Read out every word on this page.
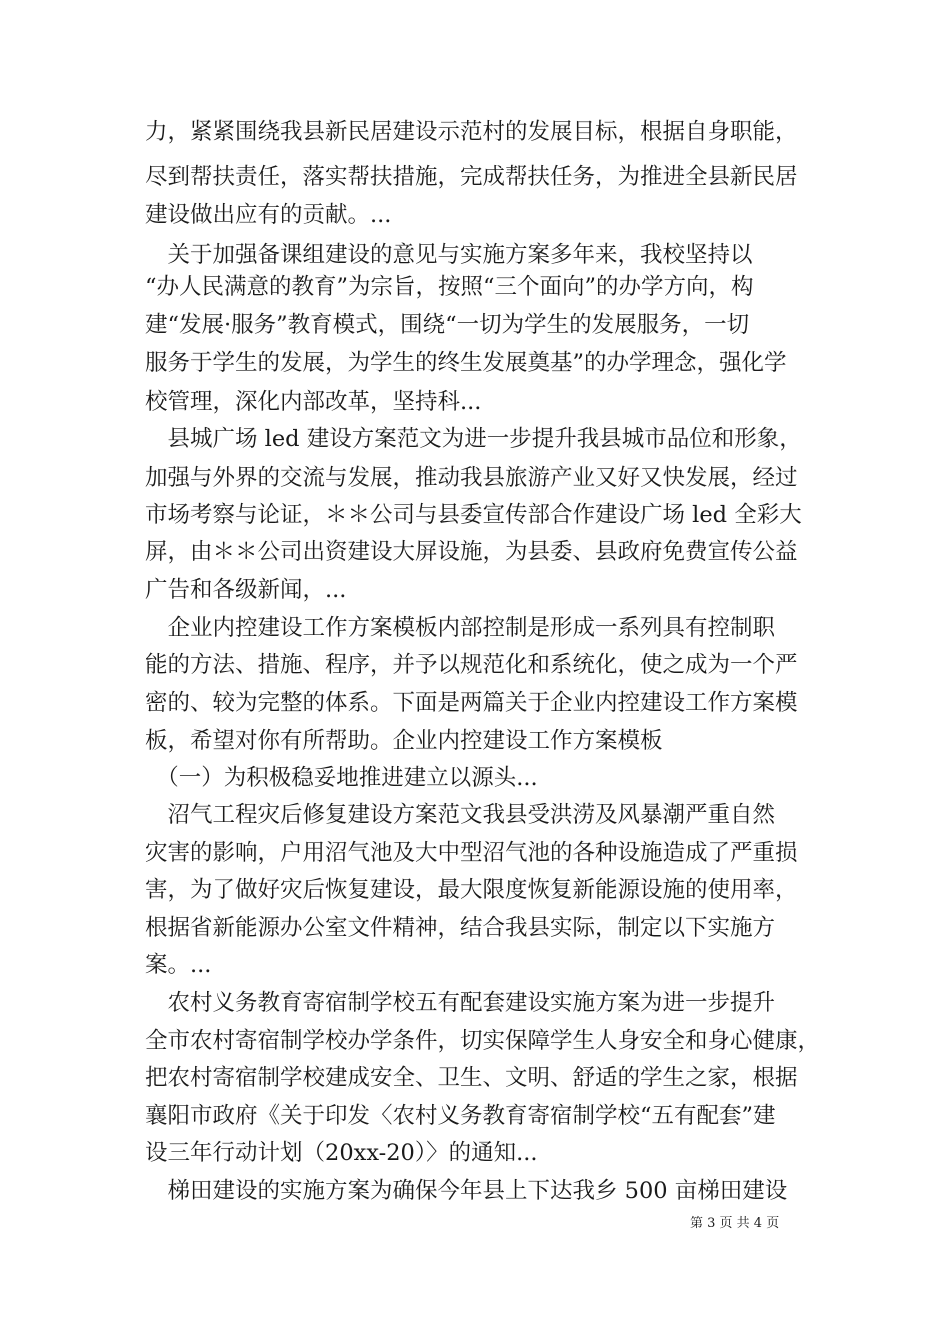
力，紧紧围绕我县新民居建设示范村的发展目标，根据自身职能，
尽到帮扶责任，落实帮扶措施，完成帮扶任务，为推进全县新民居
建设做出应有的贡献。...
　关于加强备课组建设的意见与实施方案多年来，我校坚持以
“办人民满意的教育”为宗旨，按照“三个面向”的办学方向，构
建“发展·服务”教育模式，围绕“一切为学生的发展服务，一切
服务于学生的发展，为学生的终生发展奠基”的办学理念，强化学
校管理，深化内部改革，坚持科...
　县城广场 led 建设方案范文为进一步提升我县城市品位和形象，
加强与外界的交流与发展，推动我县旅游产业又好又快发展，经过
市场考察与论证，＊＊公司与县委宣传部合作建设广场 led 全彩大
屏，由＊＊公司出资建设大屏设施，为县委、县政府免费宣传公益
广告和各级新闻，...
　企业内控建设工作方案模板内部控制是形成一系列具有控制职
能的方法、措施、程序，并予以规范化和系统化，使之成为一个严
密的、较为完整的体系。下面是两篇关于企业内控建设工作方案模
板，希望对你有所帮助。企业内控建设工作方案模板
　（一）为积极稳妥地推进建立以源头...
　沼气工程灾后修复建设方案范文我县受洪涝及风暴潮严重自然
灾害的影响，户用沼气池及大中型沼气池的各种设施造成了严重损
害，为了做好灾后恢复建设，最大限度恢复新能源设施的使用率，
根据省新能源办公室文件精神，结合我县实际，制定以下实施方
案。...
　农村义务教育寄宿制学校五有配套建设实施方案为进一步提升
全市农村寄宿制学校办学条件，切实保障学生人身安全和身心健康，
把农村寄宿制学校建成安全、卫生、文明、舒适的学生之家，根据
襄阳市政府《关于印发〈农村义务教育寄宿制学校“五有配套”建
设三年行动计划（20xx-20）〉的通知...
　梯田建设的实施方案为确保今年县上下达我乡 500 亩梯田建设
第 3 页 共 4 页
